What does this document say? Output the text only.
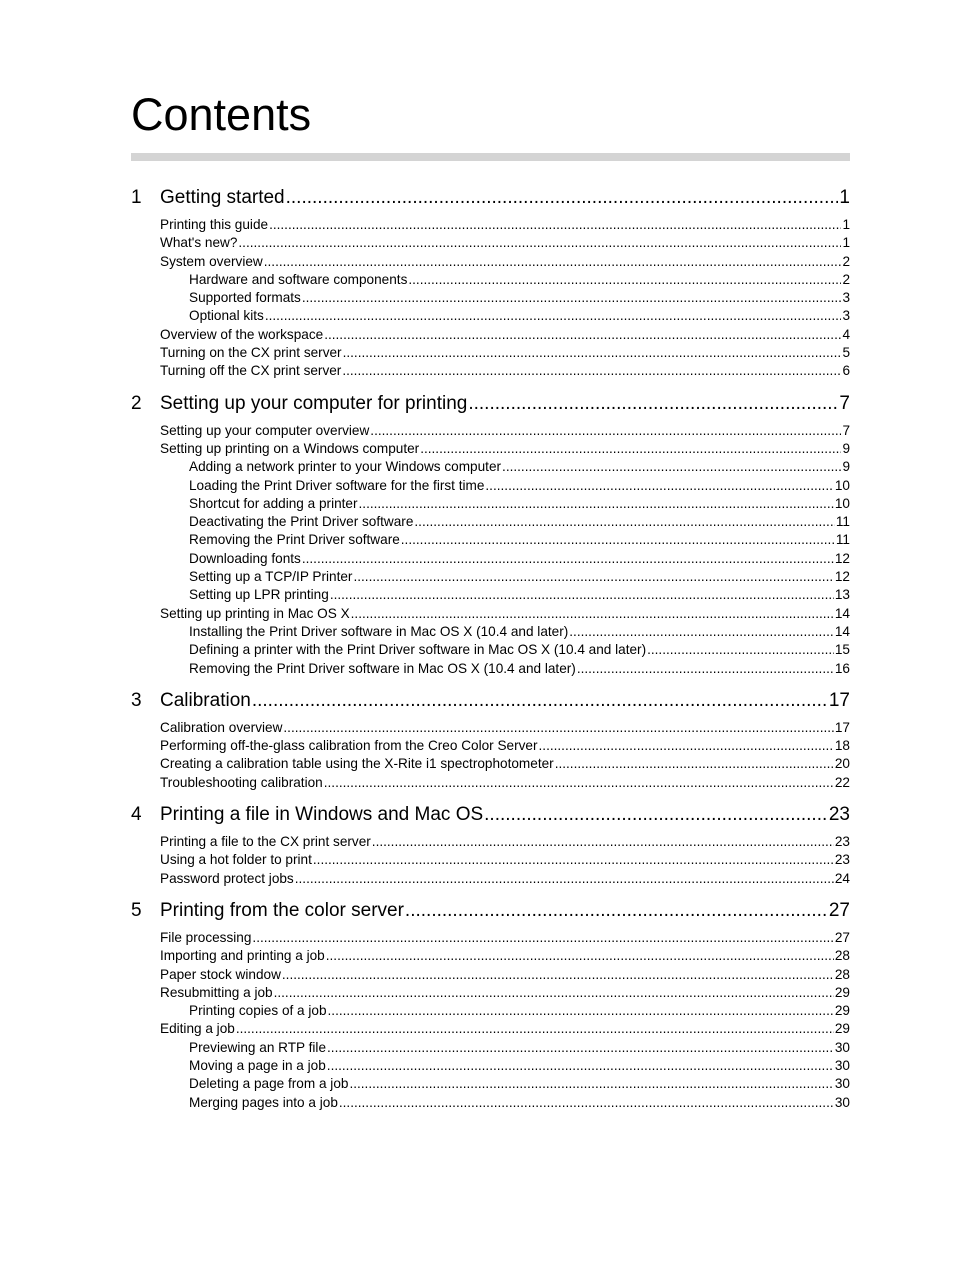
Contents
1 Getting started .....	1
Printing this guide .....	1
What's new? .....	1
System overview .....	2
Hardware and software components .....	2
Supported formats .....	3
Optional kits .....	3
Overview of the workspace .....	4
Turning on the CX print server .....	5
Turning off the CX print server .....	6
2 Setting up your computer for printing .....	7
Setting up your computer overview .....	7
Setting up printing on a Windows computer .....	9
Adding a network printer to your Windows computer .....	9
Loading the Print Driver software for the first time .....	10
Shortcut for adding a printer .....	10
Deactivating the Print Driver software .....	11
Removing the Print Driver software .....	11
Downloading fonts .....	12
Setting up a TCP/IP Printer .....	12
Setting up LPR printing .....	13
Setting up printing in Mac OS X .....	14
Installing the Print Driver software in Mac OS X (10.4 and later) .....	14
Defining a printer with the Print Driver software in Mac OS X (10.4 and later) .....	15
Removing the Print Driver software in Mac OS X (10.4 and later) .....	16
3 Calibration .....	17
Calibration overview .....	17
Performing off-the-glass calibration from the Creo Color Server .....	18
Creating a calibration table using the X-Rite i1 spectrophotometer .....	20
Troubleshooting calibration .....	22
4 Printing a file in Windows and Mac OS .....	23
Printing a file to the CX print server .....	23
Using a hot folder to print .....	23
Password protect jobs .....	24
5 Printing from the color server .....	27
File processing .....	27
Importing and printing a job .....	28
Paper stock window .....	28
Resubmitting a job .....	29
Printing copies of a job .....	29
Editing a job .....	29
Previewing an RTP file .....	30
Moving a page in a job .....	30
Deleting a page from a job .....	30
Merging pages into a job .....	30
